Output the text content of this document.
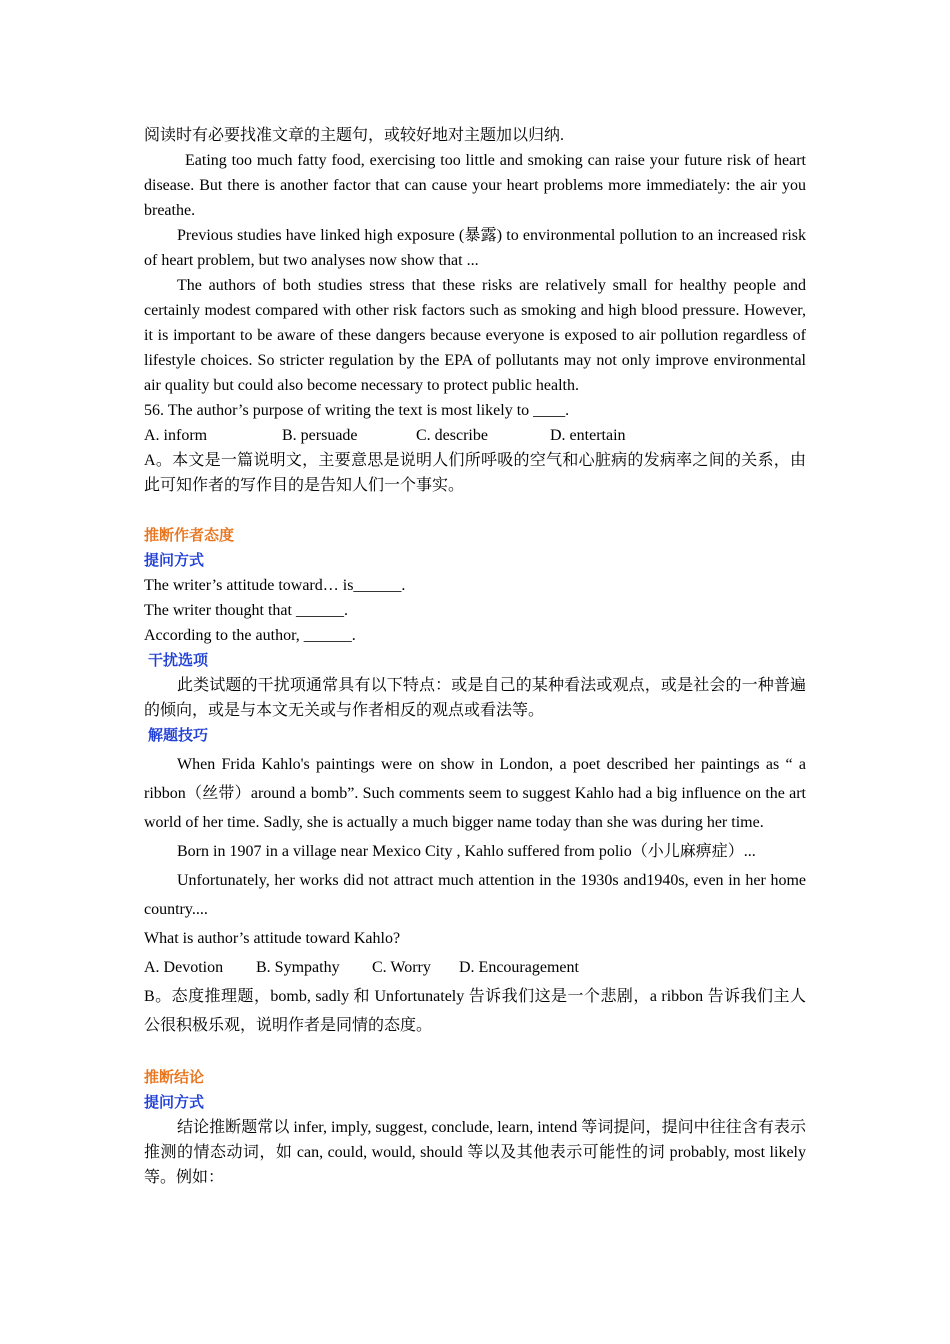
阅读时有必要找准文章的主题句，或较好地对主题加以归纳.

Eating too much fatty food, exercising too little and smoking can raise your future risk of heart disease. But there is another factor that can cause your heart problems more immediately: the air you breathe.

Previous studies have linked high exposure (暴露) to environmental pollution to an increased risk of heart problem, but two analyses now show that ...

The authors of both studies stress that these risks are relatively small for healthy people and certainly modest compared with other risk factors such as smoking and high blood pressure. However, it is important to be aware of these dangers because everyone is exposed to air pollution regardless of lifestyle choices. So stricter regulation by the EPA of pollutants may not only improve environmental air quality but could also become necessary to protect public health.

56. The author’s purpose of writing the text is most likely to ____.

A. inform	B. persuade	C. describe	D. entertain

A。本文是一篇说明文，主要意思是说明人们所呼吸的空气和心脏病的发病率之间的关系，由此可知作者的写作目的是告知人们一个事实。

推断作者态度
提问方式

The writer’s attitude toward… is______.

The writer thought that ______.

According to the author, ______.

干扰选项

此类试题的干扰项通常具有以下特点：或是自己的某种看法或观点，或是社会的一种普遍的倾向，或是与本文无关或与作者相反的观点或看法等。

解题技巧

When Frida Kahlo's paintings were on show in London, a poet described her paintings as “ a ribbon（丝带）around a bomb”. Such comments seem to suggest Kahlo had a big influence on the art world of her time. Sadly, she is actually a much bigger name today than she was during her time.

Born in 1907 in a village near Mexico City , Kahlo suffered from polio（小儿麻痹症）...

Unfortunately, her works did not attract much attention in the 1930s and1940s, even in her home country....

What is author’s attitude toward Kahlo?

A. Devotion	B. Sympathy	C. Worry	D. Encouragement

B。态度推理题，bomb, sadly 和 Unfortunately 告诉我们这是一个悲剧，a ribbon 告诉我们主人公很积极乐观，说明作者是同情的态度。

推断结论
提问方式

结论推断题常以 infer, imply, suggest, conclude, learn, intend 等词提问，提问中往往含有表示推测的情态动词，如 can, could, would, should 等以及其他表示可能性的词 probably, most likely 等。例如：
